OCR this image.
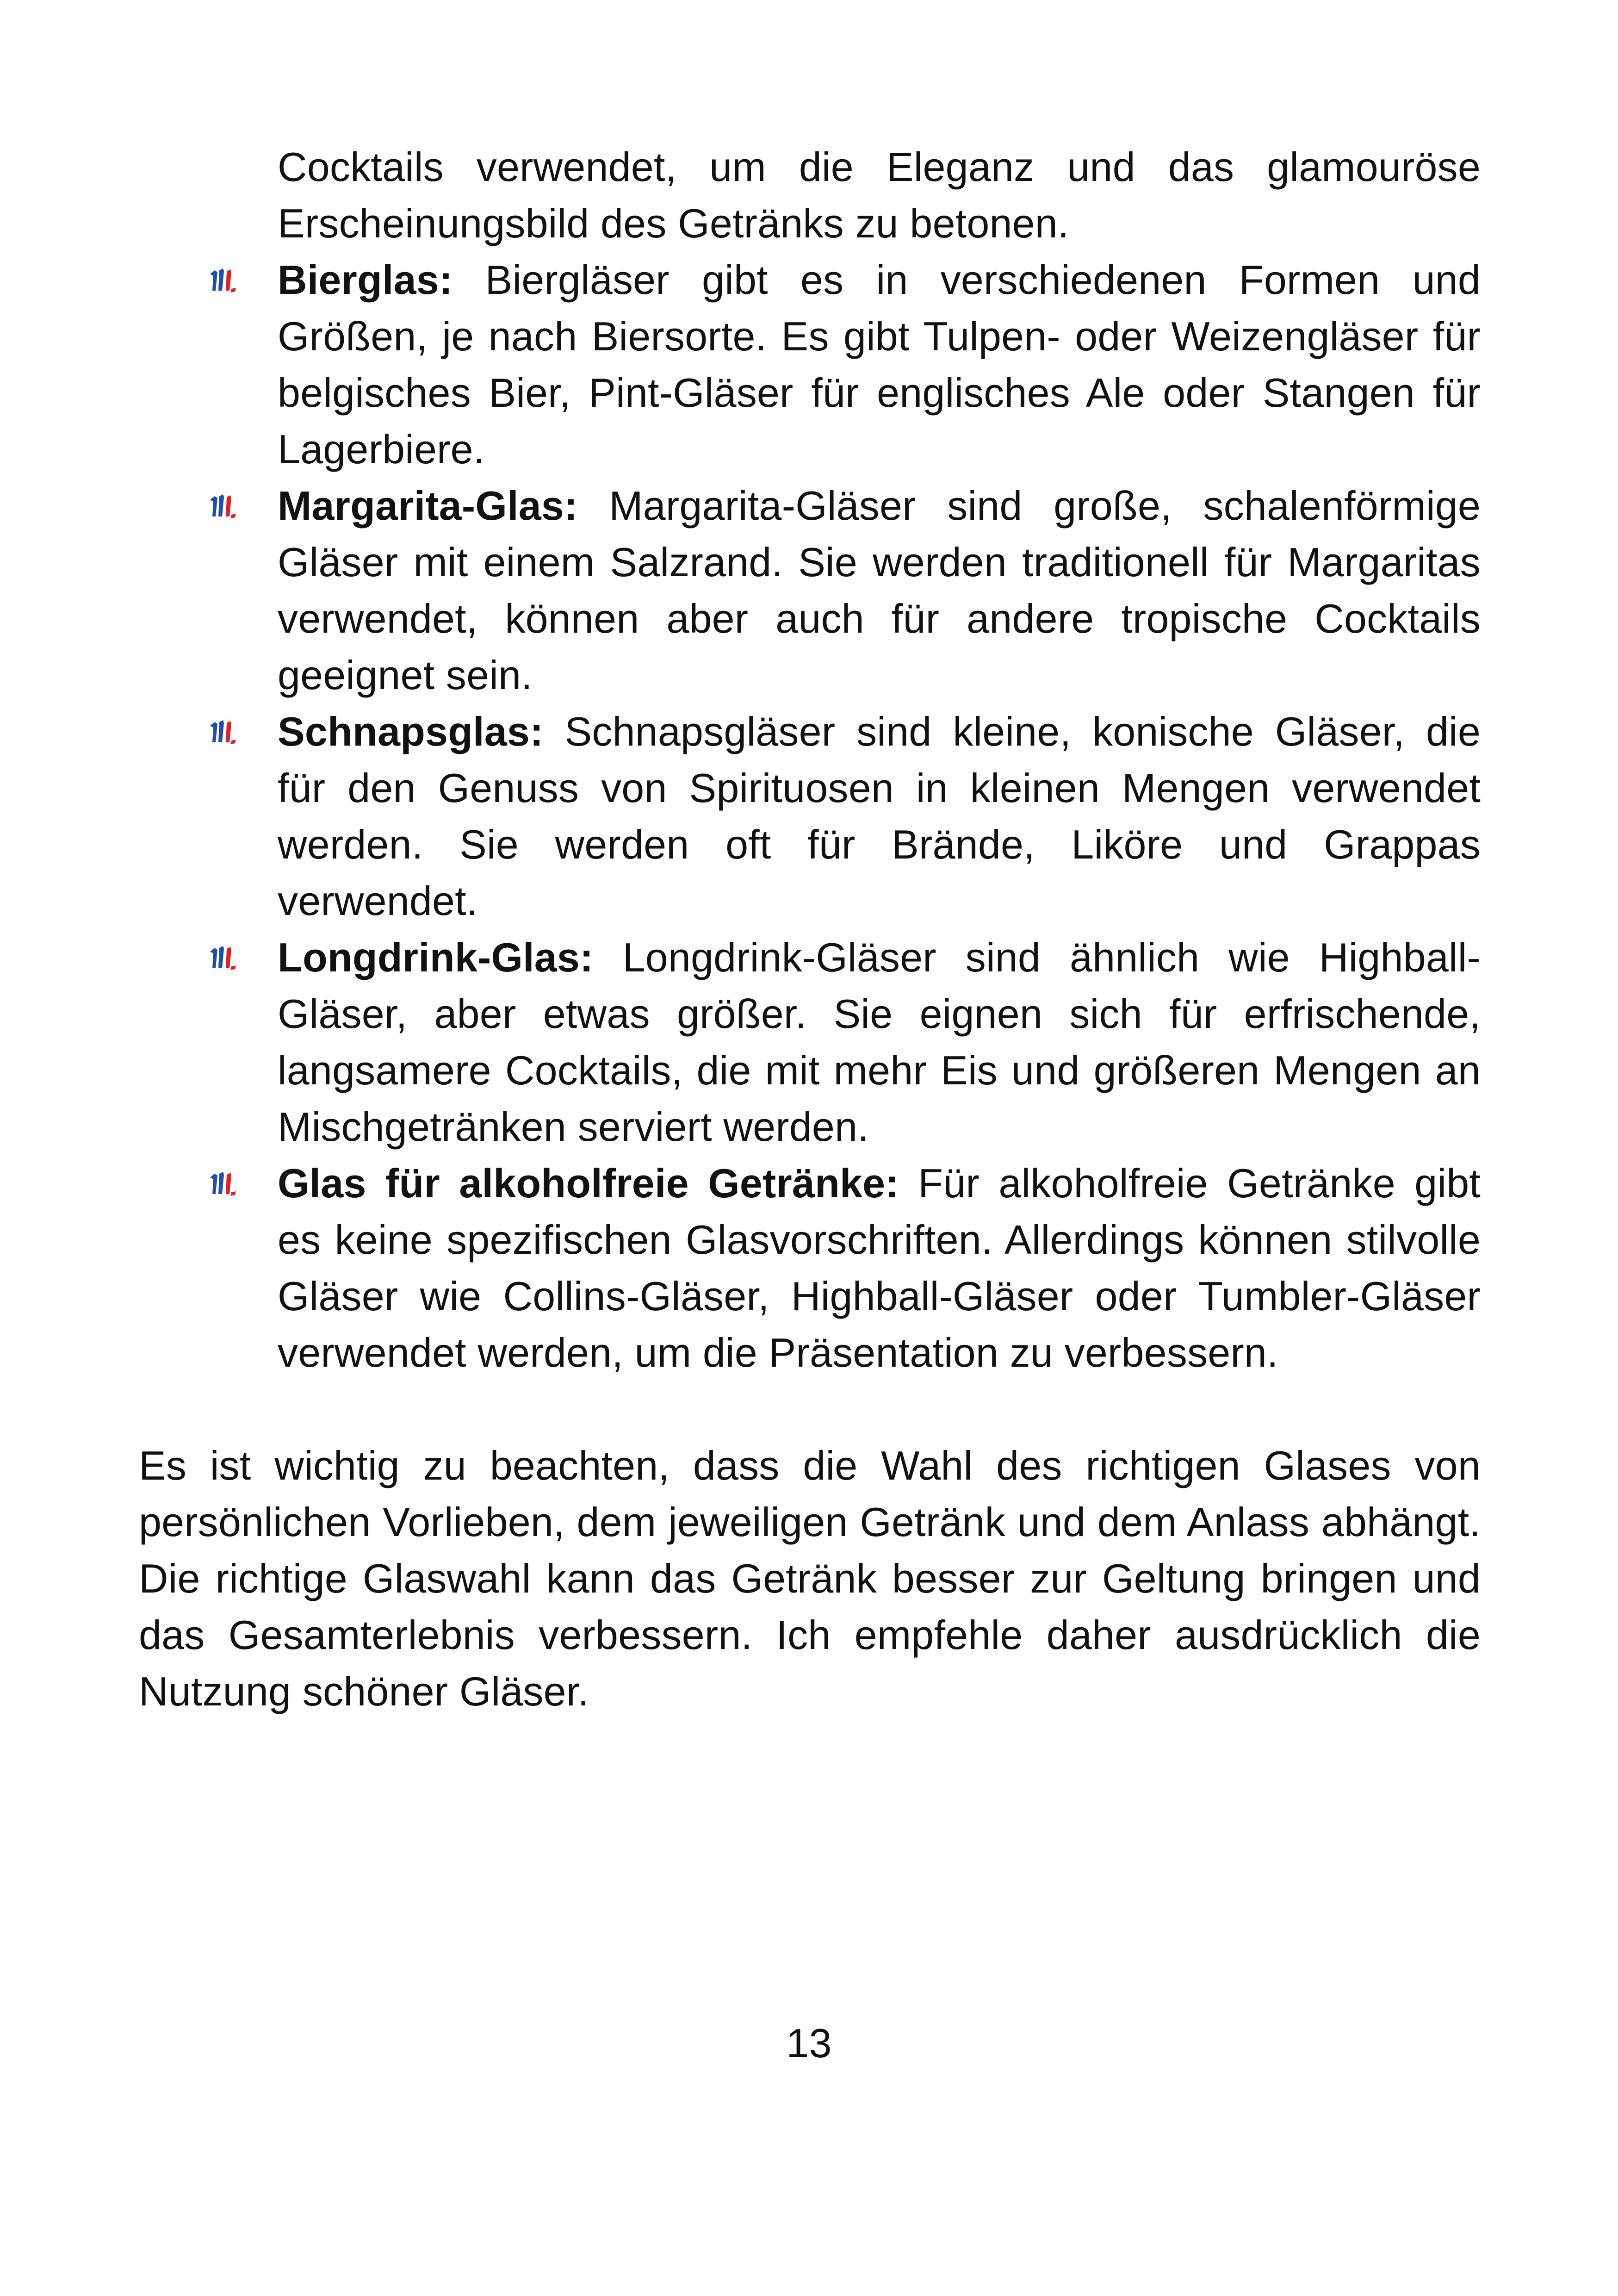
Cocktails verwendet, um die Eleganz und das glamouröse Erscheinungsbild des Getränks zu betonen.

Bierglas: Biergläser gibt es in verschiedenen Formen und Größen, je nach Biersorte. Es gibt Tulpen- oder Weizengläser für belgisches Bier, Pint-Gläser für englisches Ale oder Stangen für Lagerbiere.
Margarita-Glas: Margarita-Gläser sind große, schalenförmige Gläser mit einem Salzrand. Sie werden traditionell für Margaritas verwendet, können aber auch für andere tropische Cocktails geeignet sein.
Schnapsglas: Schnapsgläser sind kleine, konische Gläser, die für den Genuss von Spirituosen in kleinen Mengen verwendet werden. Sie werden oft für Brände, Liköre und Grappas verwendet.
Longdrink-Glas: Longdrink-Gläser sind ähnlich wie Highball-Gläser, aber etwas größer. Sie eignen sich für erfrischende, langsamere Cocktails, die mit mehr Eis und größeren Mengen an Mischgetränken serviert werden.
Glas für alkoholfreie Getränke: Für alkoholfreie Getränke gibt es keine spezifischen Glasvorschriften. Allerdings können stilvolle Gläser wie Collins-Gläser, Highball-Gläser oder Tumbler-Gläser verwendet werden, um die Präsentation zu verbessern.

Es ist wichtig zu beachten, dass die Wahl des richtigen Glases von persönlichen Vorlieben, dem jeweiligen Getränk und dem Anlass abhängt. Die richtige Glaswahl kann das Getränk besser zur Geltung bringen und das Gesamterlebnis verbessern. Ich empfehle daher ausdrücklich die Nutzung schöner Gläser.

13
